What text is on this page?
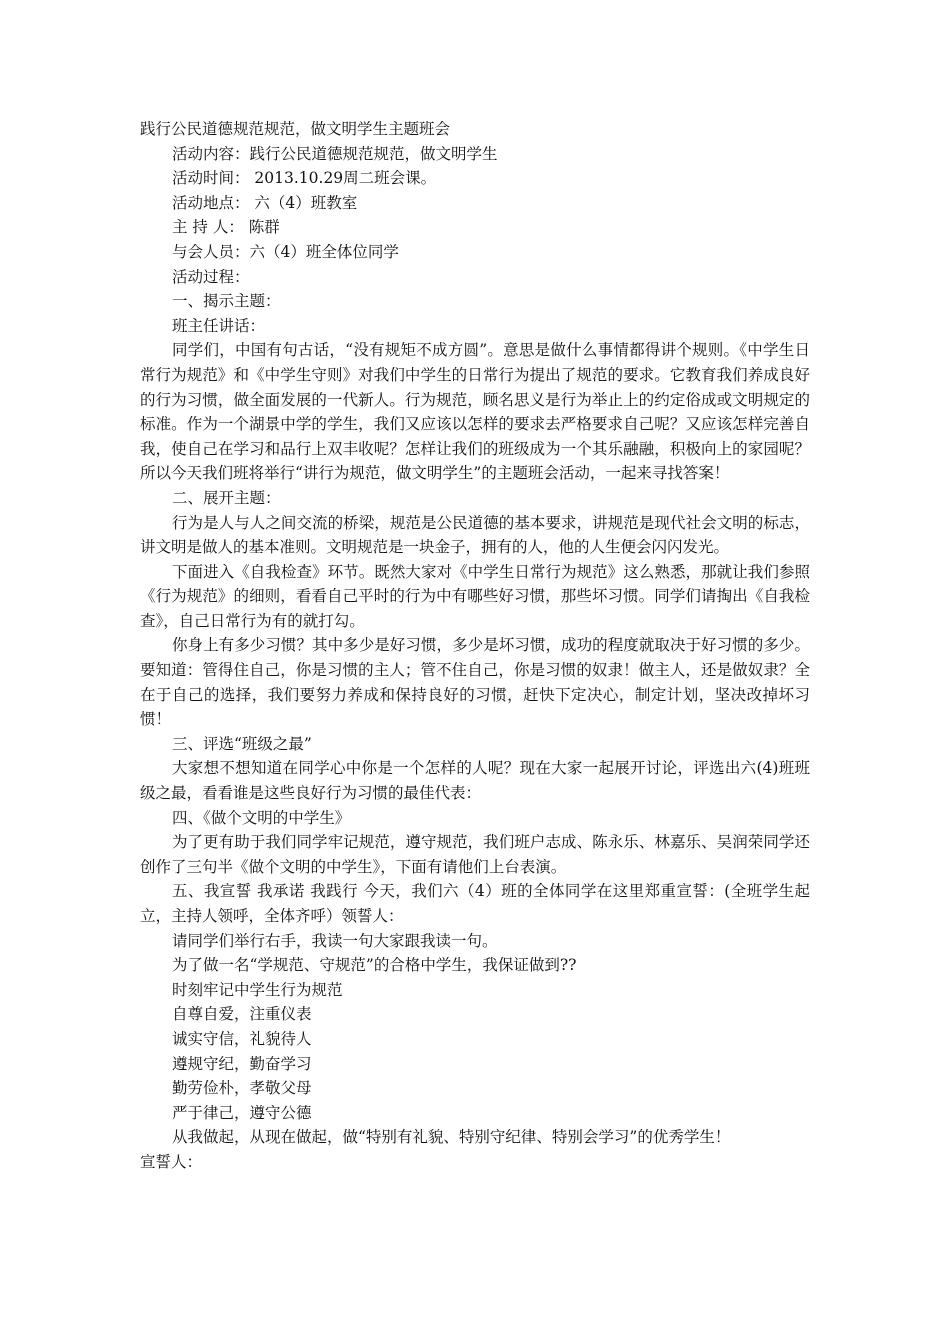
践行公民道德规范规范，做文明学生主题班会
活动内容：践行公民道德规范规范，做文明学生
活动时间： 2013.10.29周二班会课。
活动地点： 六（4）班教室
主 持 人： 陈群
与会人员：六（4）班全体位同学
活动过程：
一、揭示主题：
班主任讲话：

同学们，中国有句古话，“没有规矩不成方圆”。意思是做什么事情都得讲个规则。《中学生日常行为规范》和《中学生守则》对我们中学生的日常行为提出了规范的要求。它教育我们养成良好的行为习惯，做全面发展的一代新人。行为规范，顾名思义是行为举止上的约定俗成或文明规定的标准。作为一个湖景中学的学生，我们又应该以怎样的要求去严格要求自己呢？又应该怎样完善自我，使自己在学习和品行上双丰收呢？怎样让我们的班级成为一个其乐融融，积极向上的家园呢？所以今天我们班将举行“讲行为规范，做文明学生”的主题班会活动，一起来寻找答案！

二、展开主题：

行为是人与人之间交流的桥梁，规范是公民道德的基本要求，讲规范是现代社会文明的标志，讲文明是做人的基本准则。文明规范是一块金子，拥有的人，他的人生便会闪闪发光。

下面进入《自我检查》环节。既然大家对《中学生日常行为规范》这么熟悉，那就让我们参照《行为规范》的细则，看看自己平时的行为中有哪些好习惯，那些坏习惯。同学们请掏出《自我检查》，自己日常行为有的就打勾。

你身上有多少习惯？其中多少是好习惯，多少是坏习惯，成功的程度就取决于好习惯的多少。要知道：管得住自己，你是习惯的主人；管不住自己，你是习惯的奴隶！做主人，还是做奴隶？全在于自己的选择，我们要努力养成和保持良好的习惯，赶快下定决心，制定计划，坚决改掉坏习惯！

三、评选“班级之最”

大家想不想知道在同学心中你是一个怎样的人呢？现在大家一起展开讨论，评选出六(4)班班级之最，看看谁是这些良好行为习惯的最佳代表：

四、《做个文明的中学生》

为了更有助于我们同学牢记规范，遵守规范，我们班户志成、陈永乐、林嘉乐、吴润荣同学还创作了三句半《做个文明的中学生》，下面有请他们上台表演。

五、我宣誓 我承诺 我践行 今天，我们六（4）班的全体同学在这里郑重宣誓：(全班学生起立，主持人领呼，全体齐呼）领誓人：

请同学们举行右手，我读一句大家跟我读一句。
为了做一名“学规范、守规范”的合格中学生，我保证做到??
时刻牢记中学生行为规范
自尊自爱，注重仪表
诚实守信，礼貌待人
遵规守纪，勤奋学习
勤劳俭朴，孝敬父母
严于律己，遵守公德

从我做起，从现在做起，做“特别有礼貌、特别守纪律、特别会学习”的优秀学生！

宣誓人：
